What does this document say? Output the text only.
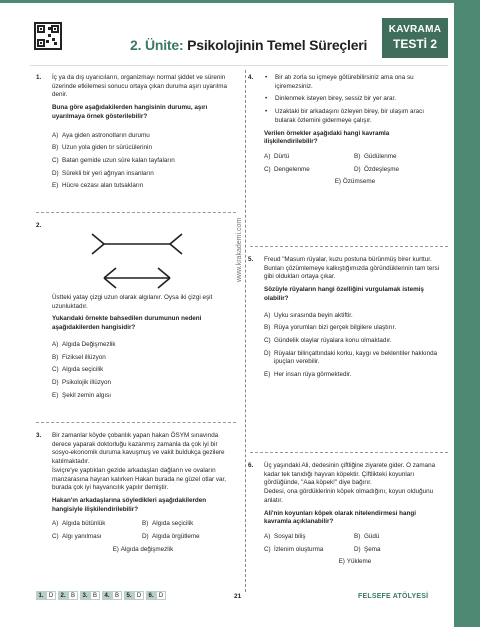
2. Ünite: Psikolojinin Temel Süreçleri
KAVRAMA
TESTİ 2
www.krakademi.com
1. İç ya da dış uyarıcıların, organizmayı normal şiddet ve sürenin üzerinde etkilemesi sonucu ortaya çıkan duruma aşırı uyarılma denir.

Buna göre aşağıdakilerden hangisinin durumu, aşırı uyarılmaya örnek gösterilebilir?

A) Aya giden astronotların durumu
B) Uzun yola giden tır sürücülerinin
C) Batan gemide uzun süre kalan tayfaların
D) Sürekli bir yeri ağrıyan insanların
E) Hücre cezası alan tutsakların
2.

Üstteki yatay çizgi uzun olarak algılanır. Oysa iki çizgi eşit uzunluktadır.

Yukarıdaki örnekte bahsedilen durumunun nedeni aşağıdakilerden hangisidir?

A) Algıda Değişmezlik
B) Fiziksel illüzyon
C) Algıda seçicilik
D) Psikolojik illüzyon
E) Şekil zemin algısı
3. Bir zamanlar köyde çobanlık yapan hakan ÖSYM sınavında derece yaparak doktorluğu kazanmış zamanla da çok iyi bir sosyo-ekonomik duruma kavuşmuş ve vakit buldukça gezilere katılmaktadır.

İsviçre'ye yaptıkları gezide arkadaşları dağların ve ovaların manzarasına hayran kalırken Hakan burada ne güzel otlar var, burada çok iyi hayvancılık yapılır demiştir.

Hakan'ın arkadaşlarına söyledikleri aşağıdakilerden hangisiyle ilişkilendirilebilir?

A) Algıda bütünlük	B) Algıda seçicilik
C) Algı yanılması	D) Algıda örgütleme
E) Algıda değişmezlik
4.
•	Bir atı zorla su içmeye götürebilirsiniz ama ona su içiremezsiniz.
• Dinlenmek isteyen birey, sessiz bir yer arar.
• Uzaktaki bir arkadaşını özleyen birey, bir ulaşım aracı bularak özlemini gidermeye çalışır.

Verilen örnekler aşağıdaki hangi kavramla ilişkilendirilebilir?

A) Dürtü	B) Güdülenme
C) Dengelenme	D) Özdeşleşme
E) Özümseme
5. Freud "Masum rüyalar, kuzu postuna bürünmüş birer kurttur. Bunları çözümlemeye kalkıştığımızda göründüklerinin tam tersi gibi oldukları ortaya çıkar.

Sözüyle rüyaların hangi özelliğini vurgulamak istemiş olabilir?

A) Uyku sırasında beyin aktiftir.
B) Rüya yorumları bizi gerçek bilgilere ulaştırır.
C) Gündelik olaylar rüyalara konu olmaktadır.
D) Rüyalar bilinçaltındaki korku, kaygı ve beklentiler hakkında ipuçları verebilir.
E) Her insan rüya görmektedir.
6. Üç yaşındaki Ali, dedesinin çiftliğine ziyarete gider. O zamana kadar tek tanıdığı hayvan köpektir. Çiftlikteki koyunları gördüğünde, "Aaa köpek!" diye bağırır.

Dedesi, ona gördüklerinin köpek olmadığını, koyun olduğunu anlatır.

Ali'nin koyunları köpek olarak nitelendirmesi hangi kavramla açıklanabilir?

A) Sosyal biliş	B) Güdü
C) İzlenim oluşturma	D) Şema
E) Yükleme
1. D	2. B	3. B	4. B	5. D	6. D	21	FELSEFE ATÖLYESİ
